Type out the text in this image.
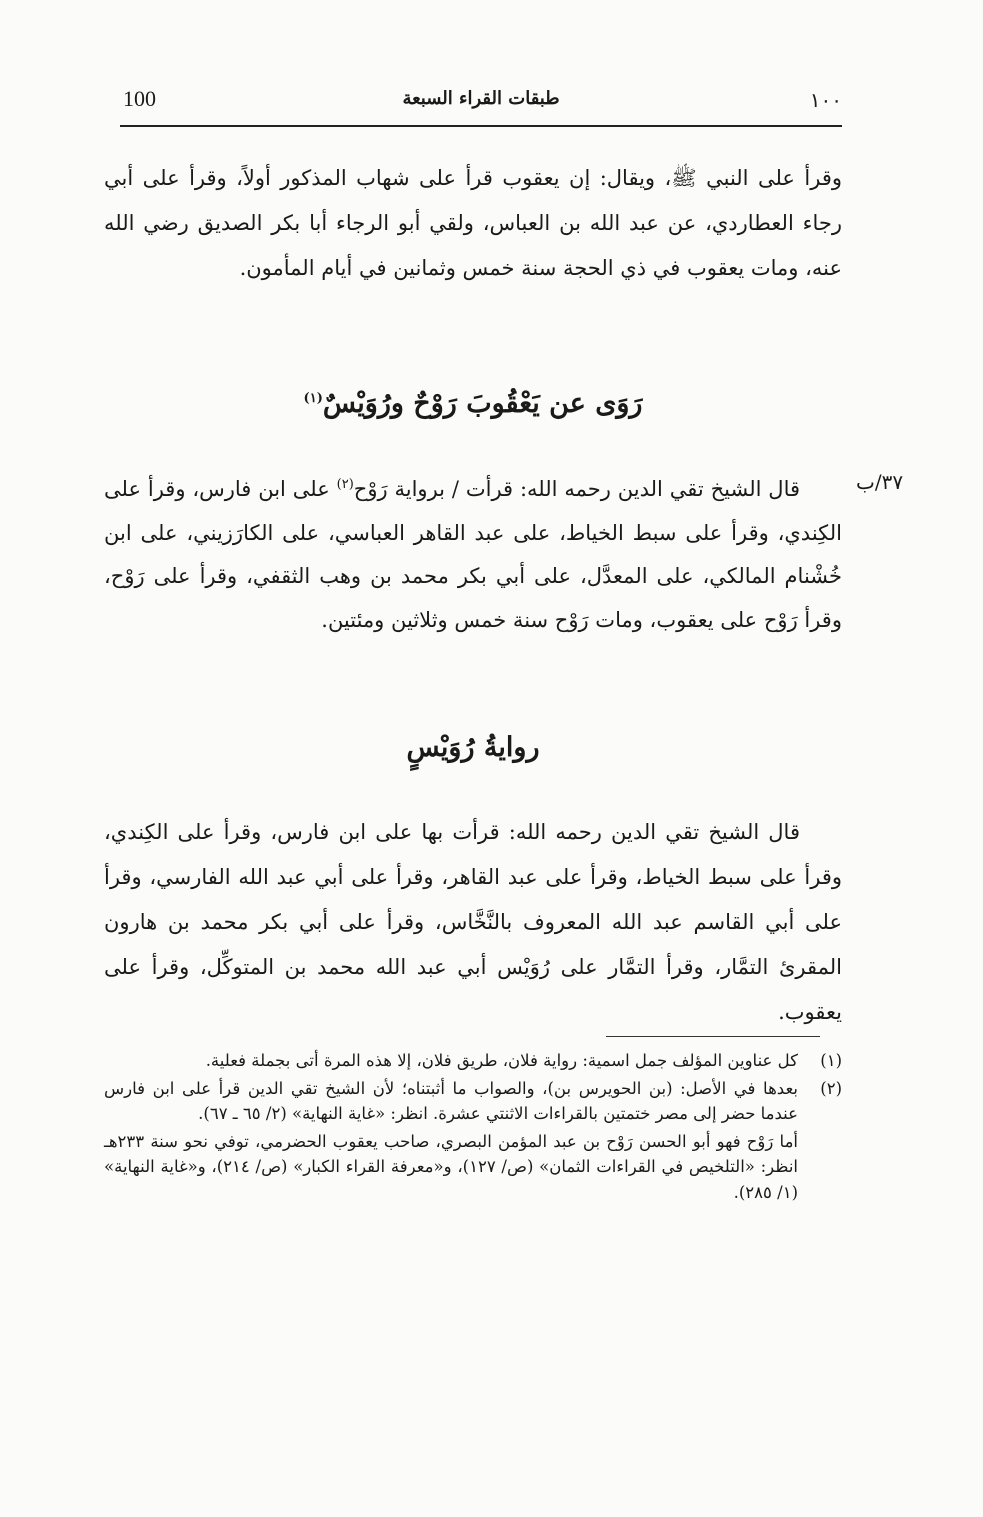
100	طبقات القراء السبعة	١٠٠

وقرأ على النبي ﷺ، ويقال: إن يعقوب قرأ على شهاب المذكور أولاً، وقرأ على أبي رجاء العطاردي، عن عبد الله بن العباس، ولقي أبو الرجاء أبا بكر الصديق رضي الله عنه، ومات يعقوب في ذي الحجة سنة خمس وثمانين في أيام المأمون.

رَوَى عن يَعْقُوبَ رَوْحٌ ورُوَيْسٌ$^{(١)}$
٣٧/ب

قال الشيخ تقي الدين رحمه الله: قرأت / برواية رَوْح$^{(٢)}$ على ابن فارس، وقرأ على الكِندي، وقرأ على سبط الخياط، على عبد القاهر العباسي، على الكارَزيني، على ابن خُشْنام المالكي، على المعدَّل، على أبي بكر محمد بن وهب الثقفي، وقرأ على رَوْح، وقرأ رَوْح على يعقوب، ومات رَوْح سنة خمس وثلاثين ومئتين.

روايةُ رُوَيْسٍ

قال الشيخ تقي الدين رحمه الله: قرأت بها على ابن فارس، وقرأ على الكِندي، وقرأ على سبط الخياط، وقرأ على عبد القاهر، وقرأ على أبي عبد الله الفارسي، وقرأ على أبي القاسم عبد الله المعروف بالنَّخَّاس، وقرأ على أبي بكر محمد بن هارون المقرئ التمَّار، وقرأ التمَّار على رُوَيْس أبي عبد الله محمد بن المتوكِّل، وقرأ على يعقوب.

(١)
كل عناوين المؤلف جمل اسمية: رواية فلان، طريق فلان، إلا هذه المرة أتى بجملة فعلية.
(٢)
بعدها في الأصل: (بن الحويرس بن)، والصواب ما أثبتناه؛ لأن الشيخ تقي الدين قرأ على ابن فارس عندما حضر إلى مصر ختمتين بالقراءات الاثنتي عشرة. انظر: «غاية النهاية» (٢/ ٦٥ ـ ٦٧).
أما رَوْح فهو أبو الحسن رَوْح بن عبد المؤمن البصري، صاحب يعقوب الحضرمي، توفي نحو سنة ٢٣٣هـ انظر: «التلخيص في القراءات الثمان» (ص/ ١٢٧)، و«معرفة القراء الكبار» (ص/ ٢١٤)، و«غاية النهاية» (١/ ٢٨٥).
